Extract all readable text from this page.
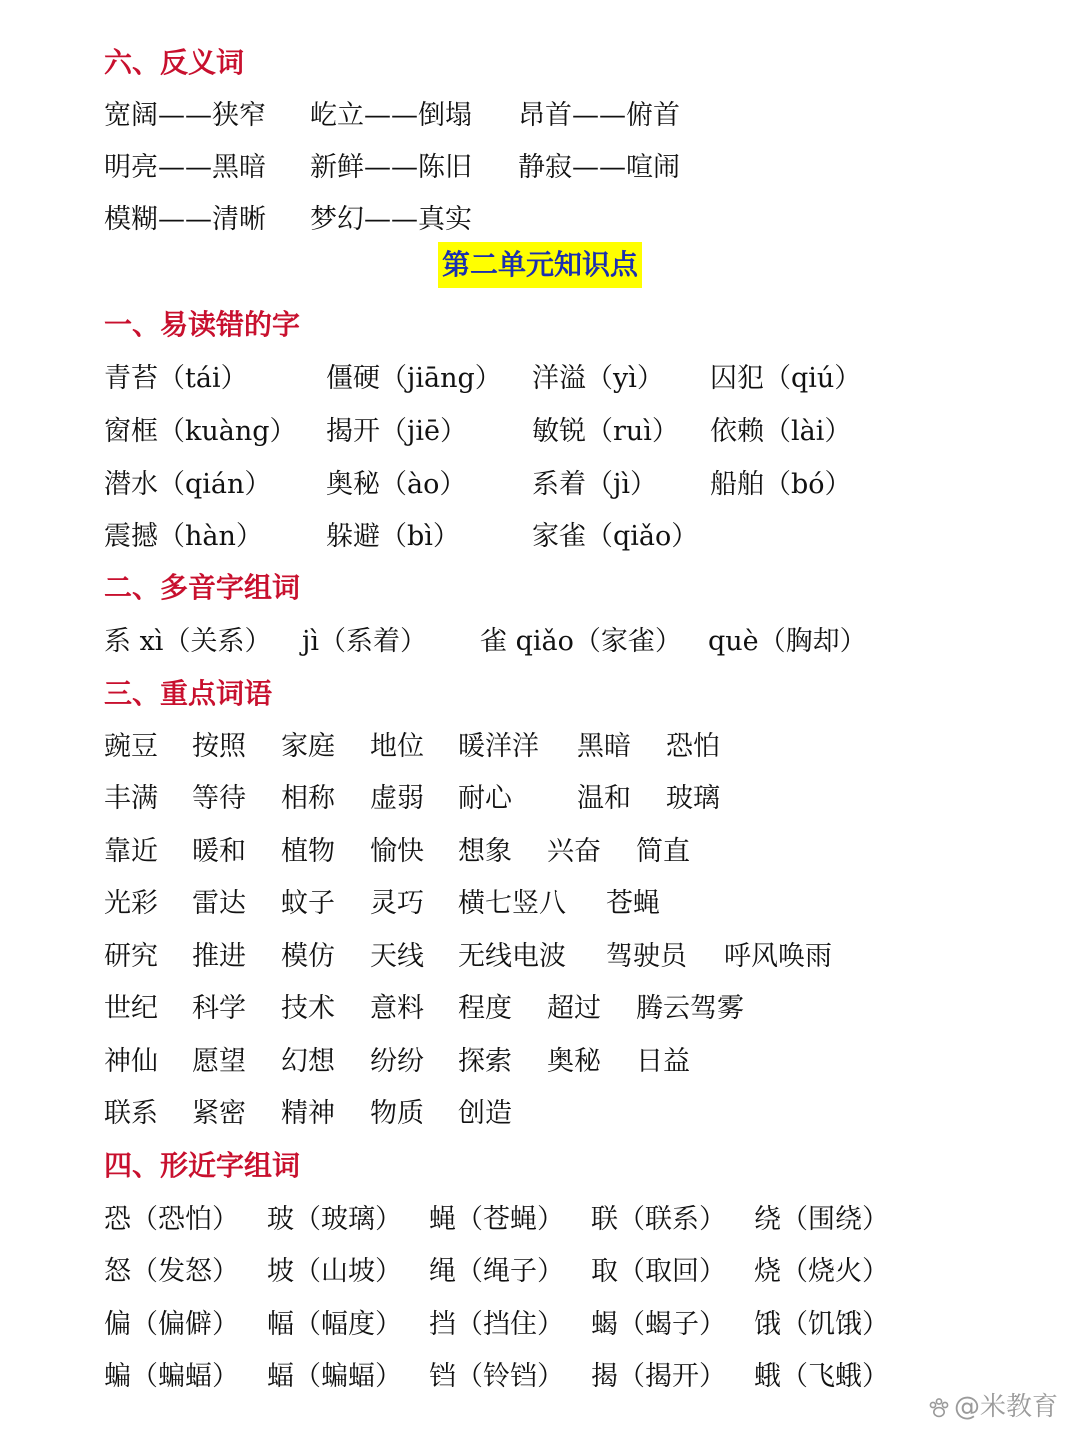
六、反义词
宽阔——狭窄 屹立——倒塌 昂首——俯首
明亮——黑暗 新鲜——陈旧 静寂——喧闹
模糊——清晰 梦幻——真实
第二单元知识点
一、易读错的字
青苔（tái）	僵硬（jiāng） 洋溢（yì） 囚犯（qiú）
窗框（kuàng） 揭开（jiē） 敏锐（ruì） 依赖（lài）
潜水（qián） 奥秘（ào） 系着（jì） 船舶（bó）
震撼（hàn） 躲避（bì）	家雀（qiǎo）
二、多音字组词
系 xì（关系） jì（系着） 雀 qiǎo（家雀） què（胸却）
三、重点词语
豌豆 按照 家庭 地位 暖洋洋 黑暗 恐怕
丰满 等待 相称 虚弱 耐心 温和 玻璃
靠近 暖和 植物 愉快 想象 兴奋 简直
光彩 雷达 蚊子 灵巧 横七竖八 苍蝇
研究 推进 模仿 天线 无线电波 驾驶员 呼风唤雨
世纪 科学 技术 意料 程度 超过 腾云驾雾
神仙 愿望 幻想 纷纷 探索 奥秘 日益
联系 紧密 精神 物质 创造
四、形近字组词
恐（恐怕） 玻（玻璃） 蝇（苍蝇） 联（联系） 绕（围绕）
怒（发怒） 坡（山坡） 绳（绳子） 取（取回） 烧（烧火）
偏（偏僻） 幅（幅度） 挡（挡住） 蝎（蝎子） 饿（饥饿）
蝙（蝙蝠） 蝠（蝙蝠） 铛（铃铛） 揭（揭开） 蛾（飞蛾）
@米教育
